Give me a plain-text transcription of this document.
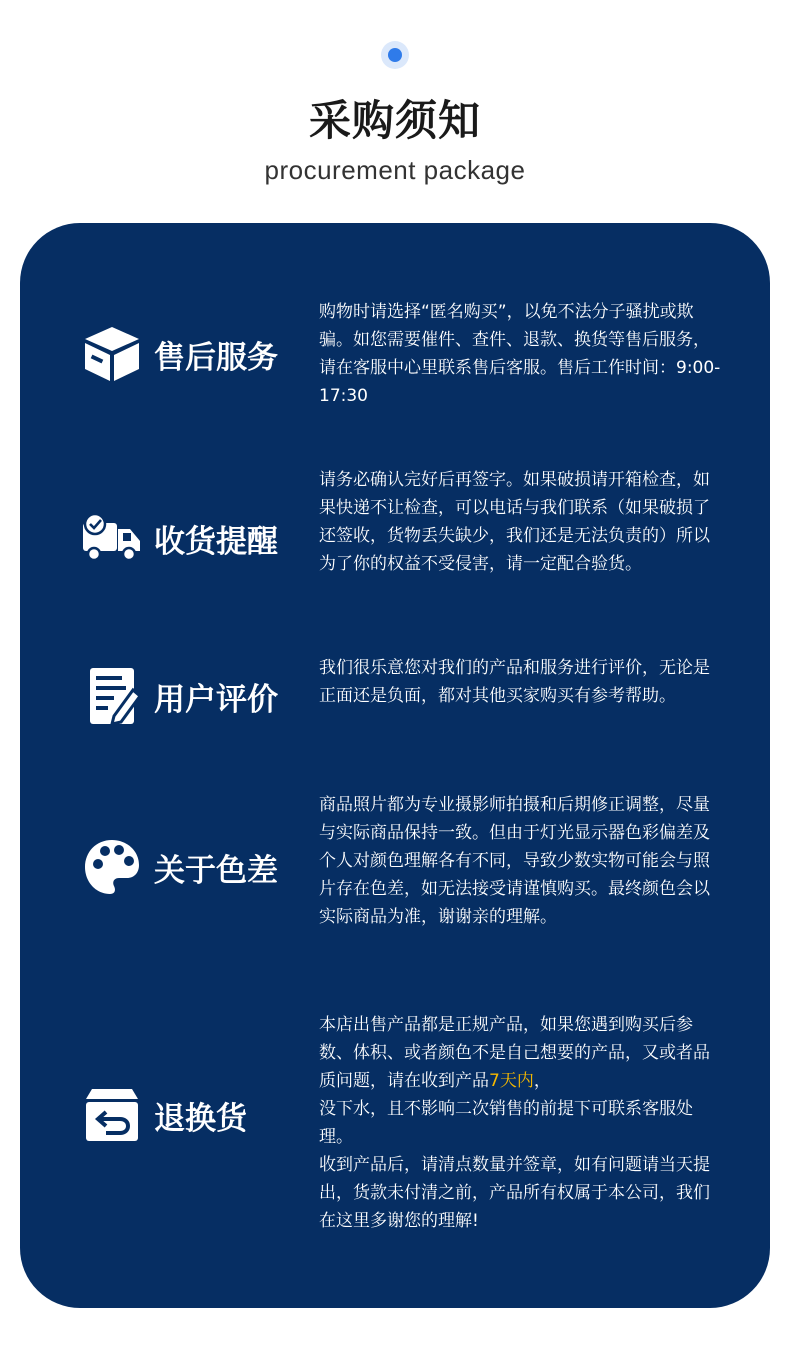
采购须知
procurement package
售后服务

购物时请选择“匿名购买”，以免不法分子骚扰或欺骗。如您需要催件、查件、退款、换货等售后服务，请在客服中心里联系售后客服。售后工作时间：9:00-17:30

收货提醒

请务必确认完好后再签字。如果破损请开箱检查，如果快递不让检查，可以电话与我们联系（如果破损了还签收，货物丢失缺少，我们还是无法负责的）所以为了你的权益不受侵害，请一定配合验货。

用户评价

我们很乐意您对我们的产品和服务进行评价，无论是正面还是负面，都对其他买家购买有参考帮助。

关于色差

商品照片都为专业摄影师拍摄和后期修正调整，尽量与实际商品保持一致。但由于灯光显示器色彩偏差及个人对颜色理解各有不同，导致少数实物可能会与照片存在色差，如无法接受请谨慎购买。最终颜色会以实际商品为准，谢谢亲的理解。

退换货

本店出售产品都是正规产品，如果您遇到购买后参数、体积、或者颜色不是自己想要的产品，又或者品质问题，请在收到产品7天内，

没下水，且不影响二次销售的前提下可联系客服处理。

收到产品后，请清点数量并签章，如有问题请当天提出，货款未付清之前，产品所有权属于本公司，我们在这里多谢您的理解!
